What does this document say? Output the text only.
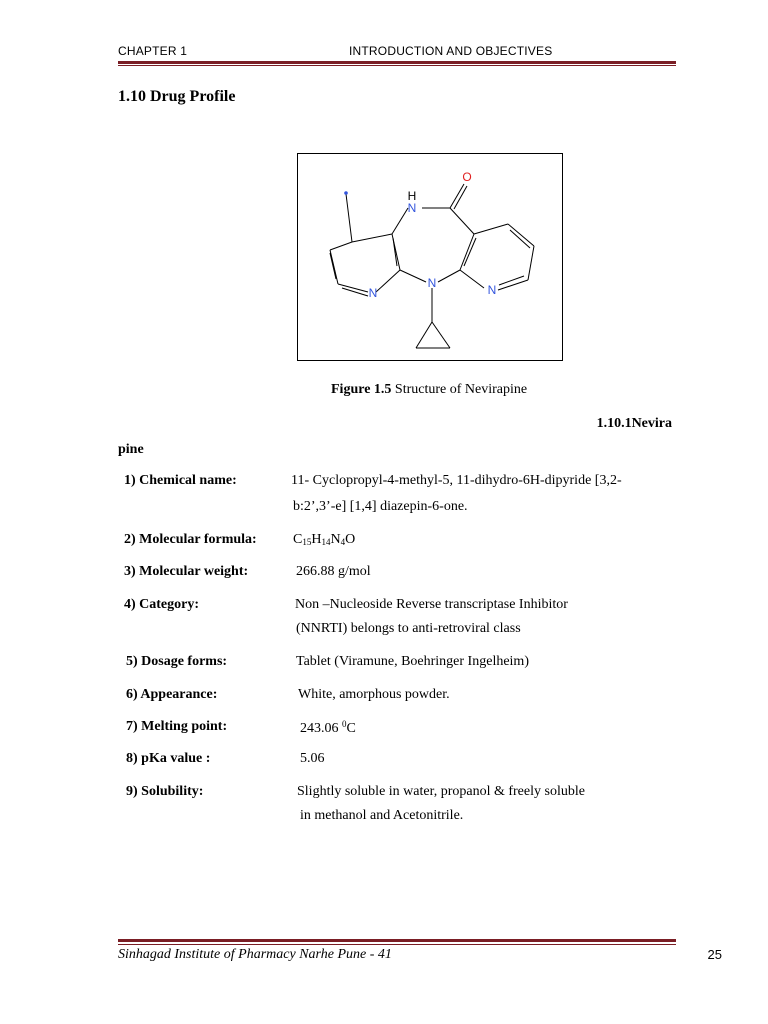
CHAPTER 1	INTRODUCTION AND OBJECTIVES
1.10 Drug Profile
H
N
O
N
N	N
Figure 1.5 Structure of Nevirapine
1.10.1Nevira
pine
1) Chemical name:	11- Cyclopropyl-4-methyl-5, 11-dihydro-6H-dipyride [3,2-
b:2’,3’-e] [1,4] diazepin-6-one.
2) Molecular formula:	$C_{15}H_{14}N_4O$
3) Molecular weight:	266.88 g/mol
4) Category:	Non –Nucleoside Reverse transcriptase Inhibitor
(NNRTI) belongs to anti-retroviral class
5) Dosage forms:	Tablet (Viramune, Boehringer Ingelheim)
6) Appearance:	White, amorphous powder.
7) Melting point:	243.06 $^0$C
8) pKa value :	5.06
9) Solubility:	Slightly soluble in water, propanol & freely soluble
in methanol and Acetonitrile.
Sinhagad Institute of Pharmacy Narhe Pune - 41	25
